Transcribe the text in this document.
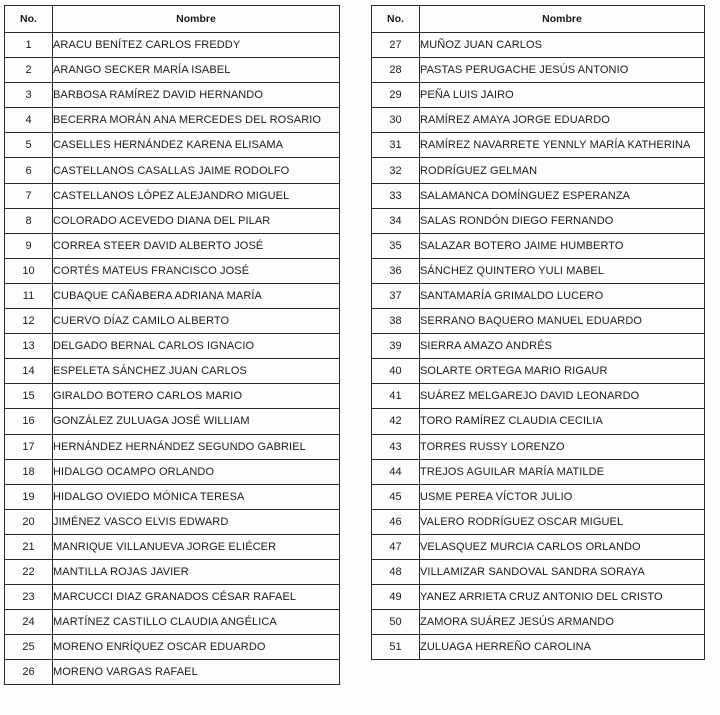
No.	Nombre
1	ARACU BENÍTEZ CARLOS FREDDY
2	ARANGO SECKER MARÍA ISABEL
3	BARBOSA RAMÍREZ DAVID HERNANDO
4	BECERRA MORÁN ANA MERCEDES DEL ROSARIO
5	CASELLES HERNÁNDEZ KARENA ELISAMA
6	CASTELLANOS CASALLAS JAIME RODOLFO
7	CASTELLANOS LÓPEZ ALEJANDRO MIGUEL
8	COLORADO ACEVEDO DIANA DEL PILAR
9	CORREA STEER DAVID ALBERTO JOSÉ
10	CORTÉS MATEUS FRANCISCO JOSÉ
11	CUBAQUE CAÑABERA ADRIANA MARÍA
12	CUERVO DÍAZ CAMILO ALBERTO
13	DELGADO BERNAL CARLOS IGNACIO
14	ESPELETA SÁNCHEZ JUAN CARLOS
15	GIRALDO BOTERO CARLOS MARIO
16	GONZÁLEZ ZULUAGA JOSÉ WILLIAM
17	HERNÁNDEZ HERNÁNDEZ SEGUNDO GABRIEL
18	HIDALGO OCAMPO ORLANDO
19	HIDALGO OVIEDO MÓNICA TERESA
20	JIMÉNEZ VASCO ELVIS EDWARD
21	MANRIQUE VILLANUEVA JORGE ELIÉCER
22	MANTILLA ROJAS JAVIER
23	MARCUCCI DIAZ GRANADOS CÉSAR RAFAEL
24	MARTÍNEZ CASTILLO CLAUDIA ANGÉLICA
25	MORENO ENRÍQUEZ OSCAR EDUARDO
26	MORENO VARGAS RAFAEL
No.	Nombre
27	MUÑOZ JUAN CARLOS
28	PASTAS PERUGACHE JESÚS ANTONIO
29	PEÑA LUIS JAIRO
30	RAMÍREZ AMAYA JORGE EDUARDO
31	RAMÍREZ NAVARRETE YENNLY MARÍA KATHERINA
32	RODRÍGUEZ GELMAN
33	SALAMANCA DOMÍNGUEZ ESPERANZA
34	SALAS RONDÓN DIEGO FERNANDO
35	SALAZAR BOTERO JAIME HUMBERTO
36	SÁNCHEZ QUINTERO YULI MABEL
37	SANTAMARÍA GRIMALDO LUCERO
38	SERRANO BAQUERO MANUEL EDUARDO
39	SIERRA AMAZO ANDRÉS
40	SOLARTE ORTEGA MARIO RIGAUR
41	SUÁREZ MELGAREJO DAVID LEONARDO
42	TORO RAMÍREZ CLAUDIA CECILIA
43	TORRES RUSSY LORENZO
44	TREJOS AGUILAR MARÍA MATILDE
45	USME PEREA VÍCTOR JULIO
46	VALERO RODRÍGUEZ OSCAR MIGUEL
47	VELASQUEZ MURCIA CARLOS ORLANDO
48	VILLAMIZAR SANDOVAL SANDRA SORAYA
49	YANEZ ARRIETA CRUZ ANTONIO DEL CRISTO
50	ZAMORA SUÁREZ JESÚS ARMANDO
51	ZULUAGA HERREÑO CAROLINA
